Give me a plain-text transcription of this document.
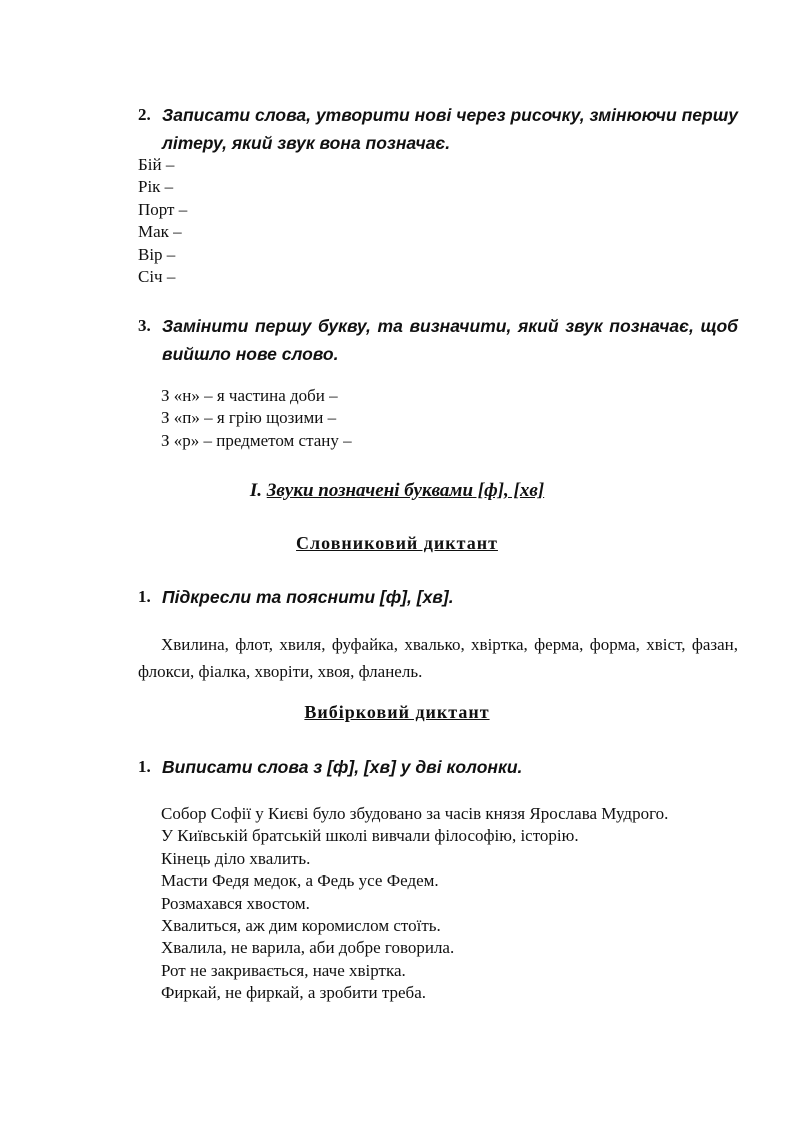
2. Записати слова, утворити нові через рисочку, змінюючи першу літеру, який звук вона позначає.
Бій –
Рік –
Порт –
Мак –
Вір –
Січ –
3. Замінити першу букву, та визначити, який звук позначає, щоб вийшло нове слово.
З «н» – я частина доби –
З «п» – я грію щозими –
З «р» – предметом стану –
І. Звуки позначені буквами [ф], [хв]
Словниковий диктант
1. Підкресли та пояснити [ф], [хв].
Хвилина, флот, хвиля, фуфайка, хвалько, хвіртка, ферма, форма, хвіст, фазан, флокси, фіалка, хворіти, хвоя, фланель.
Вибірковий диктант
1. Виписати слова з [ф], [хв] у дві колонки.
Собор Софії у Києві було збудовано за часів князя Ярослава Мудрого.
У Київській братській школі вивчали філософію, історію.
Кінець діло хвалить.
Масти Федя медок, а Федь усе Федем.
Розмахався хвостом.
Хвалиться, аж дим коромислом стоїть.
Хвалила, не варила, аби добре говорила.
Рот не закривається, наче хвіртка.
Фиркай, не фиркай, а зробити треба.
